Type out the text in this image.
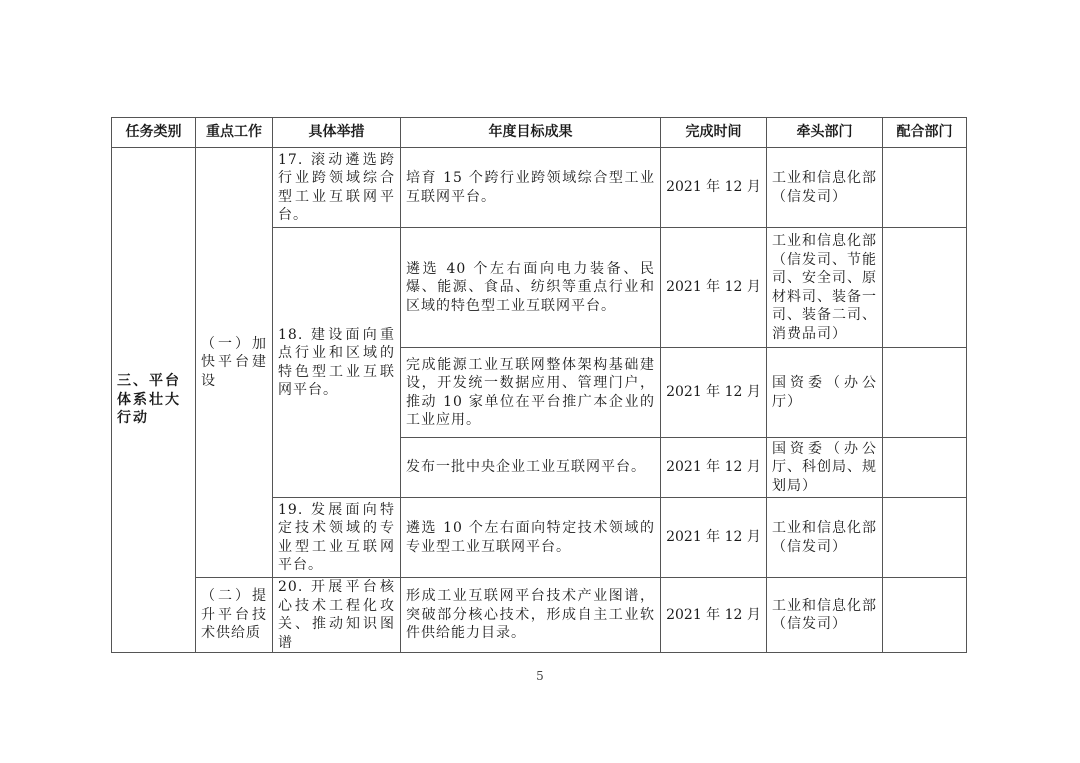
任务类别	重点工作	具体举措	年度目标成果	完成时间	牵头部门	配合部门
三、平台体系壮大行动	（一）加快平台建设	17. 滚动遴选跨行业跨领域综合型工业互联网平台。	培育 15 个跨行业跨领域综合型工业互联网平台。	2021 年 12 月	工业和信息化部（信发司）	
		18. 建设面向重点行业和区域的特色型工业互联网平台。	遴选 40 个左右面向电力装备、民爆、能源、食品、纺织等重点行业和区域的特色型工业互联网平台。	2021 年 12 月	工业和信息化部（信发司、节能司、安全司、原材料司、装备一司、装备二司、消费品司）	
			完成能源工业互联网整体架构基础建设，开发统一数据应用、管理门户，推动 10 家单位在平台推广本企业的工业应用。	2021 年 12 月	国资委（办公厅）	
			发布一批中央企业工业互联网平台。	2021 年 12 月	国资委（办公厅、科创局、规划局）	
		19. 发展面向特定技术领域的专业型工业互联网平台。	遴选 10 个左右面向特定技术领域的专业型工业互联网平台。	2021 年 12 月	工业和信息化部（信发司）	
	（二）提升平台技术供给质	20. 开展平台核心技术工程化攻关、推动知识图谱	形成工业互联网平台技术产业图谱，突破部分核心技术，形成自主工业软件供给能力目录。	2021 年 12 月	工业和信息化部（信发司）	
5
